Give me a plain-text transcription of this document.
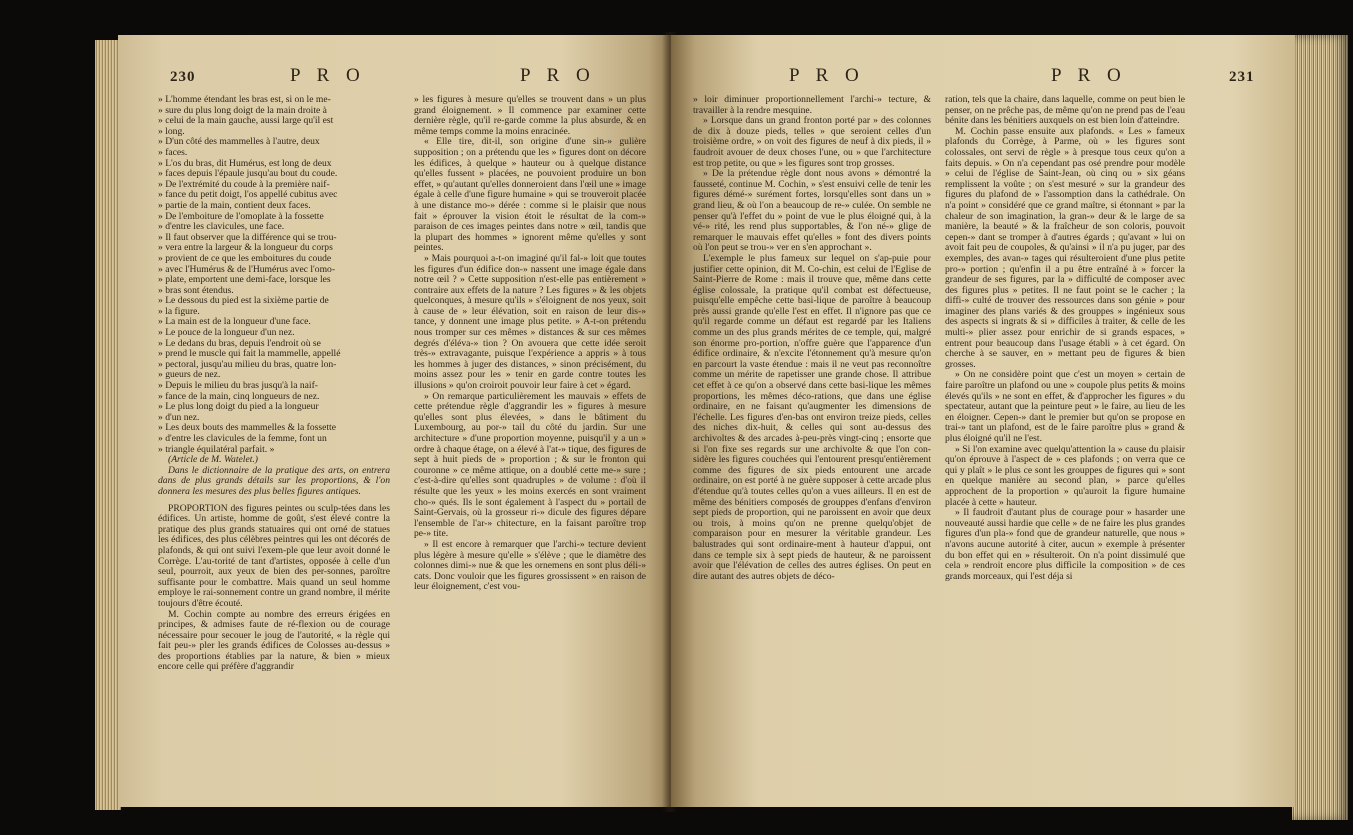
230	P R O	P R O

» L'homme étendant les bras est, si on le me-

» sure du plus long doigt de la main droite à

» celui de la main gauche, aussi large qu'il est

» long.

» D'un côté des mammelles à l'autre, deux

» faces.

» L'os du bras, dit Humérus, est long de deux

» faces depuis l'épaule jusqu'au bout du coude.

» De l'extrémité du coude à la première naif-

» fance du petit doigt, l'os appellé cubitus avec

» partie de la main, contient deux faces.

» De l'emboiture de l'omoplate à la fossette

» d'entre les clavicules, une face.

» Il faut observer que la différence qui se trou-

» vera entre la largeur & la longueur du corps

» provient de ce que les emboitures du coude

» avec l'Humérus & de l'Humérus avec l'omo-

» plate, emportent une demi-face, lorsque les

» bras sont étendus.

» Le dessous du pied est la sixième partie de

» la figure.

» La main est de la longueur d'une face.

» Le pouce de la longueur d'un nez.

» Le dedans du bras, depuis l'endroit où se

» prend le muscle qui fait la mammelle, appellé

» pectoral, jusqu'au milieu du bras, quatre lon-

» gueurs de nez.

» Depuis le milieu du bras jusqu'à la naif-

» fance de la main, cinq longueurs de nez.

» Le plus long doigt du pied a la longueur

» d'un nez.

» Les deux bouts des mammelles & la fossette

» d'entre les clavicules de la femme, font un

» triangle équilatéral parfait. »

(Article de M. Watelet.)

Dans le dictionnaire de la pratique des arts, on entrera dans de plus grands détails sur les proportions, & l'on donnera les mesures des plus belles figures antiques.

PROPORTION des figures peintes ou sculp-tées dans les édifices. Un artiste, homme de goût, s'est élevé contre la pratique des plus grands statuaires qui ont orné de statues les édifices, des plus célèbres peintres qui les ont décorés de plafonds, & qui ont suivi l'exem-ple que leur avoit donné le Corrège. L'au-torité de tant d'artistes, opposée à celle d'un seul, pourroit, aux yeux de bien des per-sonnes, paroître suffisante pour le combattre. Mais quand un seul homme employe le rai-sonnement contre un grand nombre, il mérite toujours d'être écouté.

M. Cochin compte au nombre des erreurs érigées en principes, & admises faute de ré-flexion ou de courage nécessaire pour secouer le joug de l'autorité, « la règle qui fait peu-» pler les grands édifices de Colosses au-dessus » des proportions établies par la nature, & bien » mieux encore celle qui préfère d'aggrandir

» les figures à mesure qu'elles se trouvent dans » un plus grand éloignement. » Il commence par examiner cette dernière règle, qu'il re-garde comme la plus absurde, & en même temps comme la moins enracinée.

« Elle tire, dit-il, son origine d'une sin-» gulière supposition ; on a prétendu que les » figures dont on décore les édifices, à quelque » hauteur ou à quelque distance qu'elles fussent » placées, ne pouvoient produire un bon effet, » qu'autant qu'elles donneroient dans l'œil une » image égale à celle d'une figure humaine » qui se trouveroit placée à une distance mo-» dérée : comme si le plaisir que nous fait » éprouver la vision étoit le résultat de la com-» paraison de ces images peintes dans notre » œil, tandis que la plupart des hommes » ignorent même qu'elles y sont peintes.

» Mais pourquoi a-t-on imaginé qu'il fal-» loit que toutes les figures d'un édifice don-» nassent une image égale dans notre œil ? » Cette supposition n'est-elle pas entièrement » contraire aux effets de la nature ? Les figures » & les objets quelconques, à mesure qu'ils » s'éloignent de nos yeux, soit à cause de » leur élévation, soit en raison de leur dis-» tance, y donnent une image plus petite. » A-t-on prétendu nous tromper sur ces mêmes » distances & sur ces mêmes degrés d'éléva-» tion ? On avouera que cette idée seroit très-» extravagante, puisque l'expérience a appris » à tous les hommes à juger des distances, » sinon précisément, du moins assez pour les » tenir en garde contre toutes les illusions » qu'on croiroit pouvoir leur faire à cet » égard.

» On remarque particulièrement les mauvais » effets de cette prétendue règle d'aggrandir les » figures à mesure qu'elles sont plus élevées, » dans le bâtiment du Luxembourg, au por-» tail du côté du jardin. Sur une architecture » d'une proportion moyenne, puisqu'il y a un » ordre à chaque étage, on a élevé à l'at-» tique, des figures de sept à huit pieds de » proportion ; & sur le fronton qui couronne » ce même attique, on a doublé cette me-» sure ; c'est-à-dire qu'elles sont quadruples » de volume : d'où il résulte que les yeux » les moins exercés en sont vraiment cho-» qués. Ils le sont également à l'aspect du » portail de Saint-Gervais, où la grosseur ri-» dicule des figures dépare l'ensemble de l'ar-» chitecture, en la faisant paroître trop pe-» tite.

» Il est encore à remarquer que l'archi-» tecture devient plus légère à mesure qu'elle » s'élève ; que le diamètre des colonnes dimi-» nue & que les ornemens en sont plus déli-» cats. Donc vouloir que les figures grossissent » en raison de leur éloignement, c'est vou-

P R O	P R O	231

» loir diminuer proportionnellement l'archi-» tecture, & travailler à la rendre mesquine.

» Lorsque dans un grand fronton porté par » des colonnes de dix à douze pieds, telles » que seroient celles d'un troisième ordre, » on voit des figures de neuf à dix pieds, il » faudroit avouer de deux choses l'une, ou » que l'architecture est trop petite, ou que » les figures sont trop grosses.

» De la prétendue règle dont nous avons » démontré la fausseté, continue M. Cochin, » s'est ensuivi celle de tenir les figures démé-» surément fortes, lorsqu'elles sont dans un » grand lieu, & où l'on a beaucoup de re-» culée. On semble ne penser qu'à l'effet du » point de vue le plus éloigné qui, à la vé-» rité, les rend plus supportables, & l'on né-» glige de remarquer le mauvais effet qu'elles » font des divers points où l'on peut se trou-» ver en s'en approchant ».

L'exemple le plus fameux sur lequel on s'ap-puie pour justifier cette opinion, dit M. Co-chin, est celui de l'Eglise de Saint-Pierre de Rome : mais il trouve que, même dans cette église colossale, la pratique qu'il combat est défectueuse, puisqu'elle empêche cette basi-lique de paroître à beaucoup près aussi grande qu'elle l'est en effet. Il n'ignore pas que ce qu'il regarde comme un défaut est regardé par les Italiens comme un des plus grands mérites de ce temple, qui, malgré son énorme pro-portion, n'offre guère que l'apparence d'un édifice ordinaire, & n'excite l'étonnement qu'à mesure qu'on en parcourt la vaste étendue : mais il ne veut pas reconnoître comme un mérite de rapetisser une grande chose. Il attribue cet effet à ce qu'on a observé dans cette basi-lique les mêmes proportions, les mêmes déco-rations, que dans une église ordinaire, en ne faisant qu'augmenter les dimensions de l'échelle. Les figures d'en-bas ont environ treize pieds, celles des niches dix-huit, & celles qui sont au-dessus des archivoltes & des arcades à-peu-près vingt-cinq ; ensorte que si l'on fixe ses regards sur une archivolte & que l'on con-sidère les figures couchées qui l'entourent presqu'entièrement comme des figures de six pieds entourent une arcade ordinaire, on est porté à ne guère supposer à cette arcade plus d'étendue qu'à toutes celles qu'on a vues ailleurs. Il en est de même des bénitiers composés de grouppes d'enfans d'environ sept pieds de proportion, qui ne paroissent en avoir que deux ou trois, à moins qu'on ne prenne quelqu'objet de comparaison pour en mesurer la véritable grandeur. Les balustrades qui sont ordinaire-ment à hauteur d'appui, ont dans ce temple six à sept pieds de hauteur, & ne paroissent avoir que l'élévation de celles des autres églises. On peut en dire autant des autres objets de déco-

ration, tels que la chaire, dans laquelle, comme on peut bien le penser, on ne prêche pas, de même qu'on ne prend pas de l'eau bénite dans les bénitiers auxquels on est bien loin d'atteindre.

M. Cochin passe ensuite aux plafonds. « Les » fameux plafonds du Corrège, à Parme, où » les figures sont colossales, ont servi de règle » à presque tous ceux qu'on a faits depuis. » On n'a cependant pas osé prendre pour modèle » celui de l'église de Saint-Jean, où cinq ou » six géans remplissent la voûte ; on s'est mesuré » sur la grandeur des figures du plafond de » l'assomption dans la cathédrale. On n'a point » considéré que ce grand maître, si étonnant » par la chaleur de son imagination, la gran-» deur & le large de sa manière, la beauté » & la fraîcheur de son coloris, pouvoit cepen-» dant se tromper à d'autres égards ; qu'avant » lui on avoit fait peu de coupoles, & qu'ainsi » il n'a pu juger, par des exemples, des avan-» tages qui résulteroient d'une plus petite pro-» portion ; qu'enfin il a pu être entraîné à » forcer la grandeur de ses figures, par la » difficulté de composer avec des figures plus » petites. Il ne faut point se le cacher ; la diffi-» culté de trouver des ressources dans son génie » pour imaginer des plans variés & des grouppes » ingénieux sous des aspects si ingrats & si » difficiles à traiter, & celle de les multi-» plier assez pour enrichir de si grands espaces, » entrent pour beaucoup dans l'usage établi » à cet égard. On cherche à se sauver, en » mettant peu de figures & bien grosses.

» On ne considère point que c'est un moyen » certain de faire paroître un plafond ou une » coupole plus petits & moins élevés qu'ils » ne sont en effet, & d'approcher les figures » du spectateur, autant que la peinture peut » le faire, au lieu de les en éloigner. Cepen-» dant le premier but qu'on se propose en trai-» tant un plafond, est de le faire paroître plus » grand & plus éloigné qu'il ne l'est.

» Si l'on examine avec quelqu'attention la » cause du plaisir qu'on éprouve à l'aspect de » ces plafonds ; on verra que ce qui y plaît » le plus ce sont les grouppes de figures qui » sont en quelque manière au second plan, » parce qu'elles approchent de la proportion » qu'auroit la figure humaine placée à cette » hauteur.

» Il faudroit d'autant plus de courage pour » hasarder une nouveauté aussi hardie que celle » de ne faire les plus grandes figures d'un pla-» fond que de grandeur naturelle, que nous » n'avons aucune autorité à citer, aucun » exemple à présenter du bon effet qui en » résulteroit. On n'a point dissimulé que cela » rendroit encore plus difficile la composition » de ces grands morceaux, qui l'est déja si
